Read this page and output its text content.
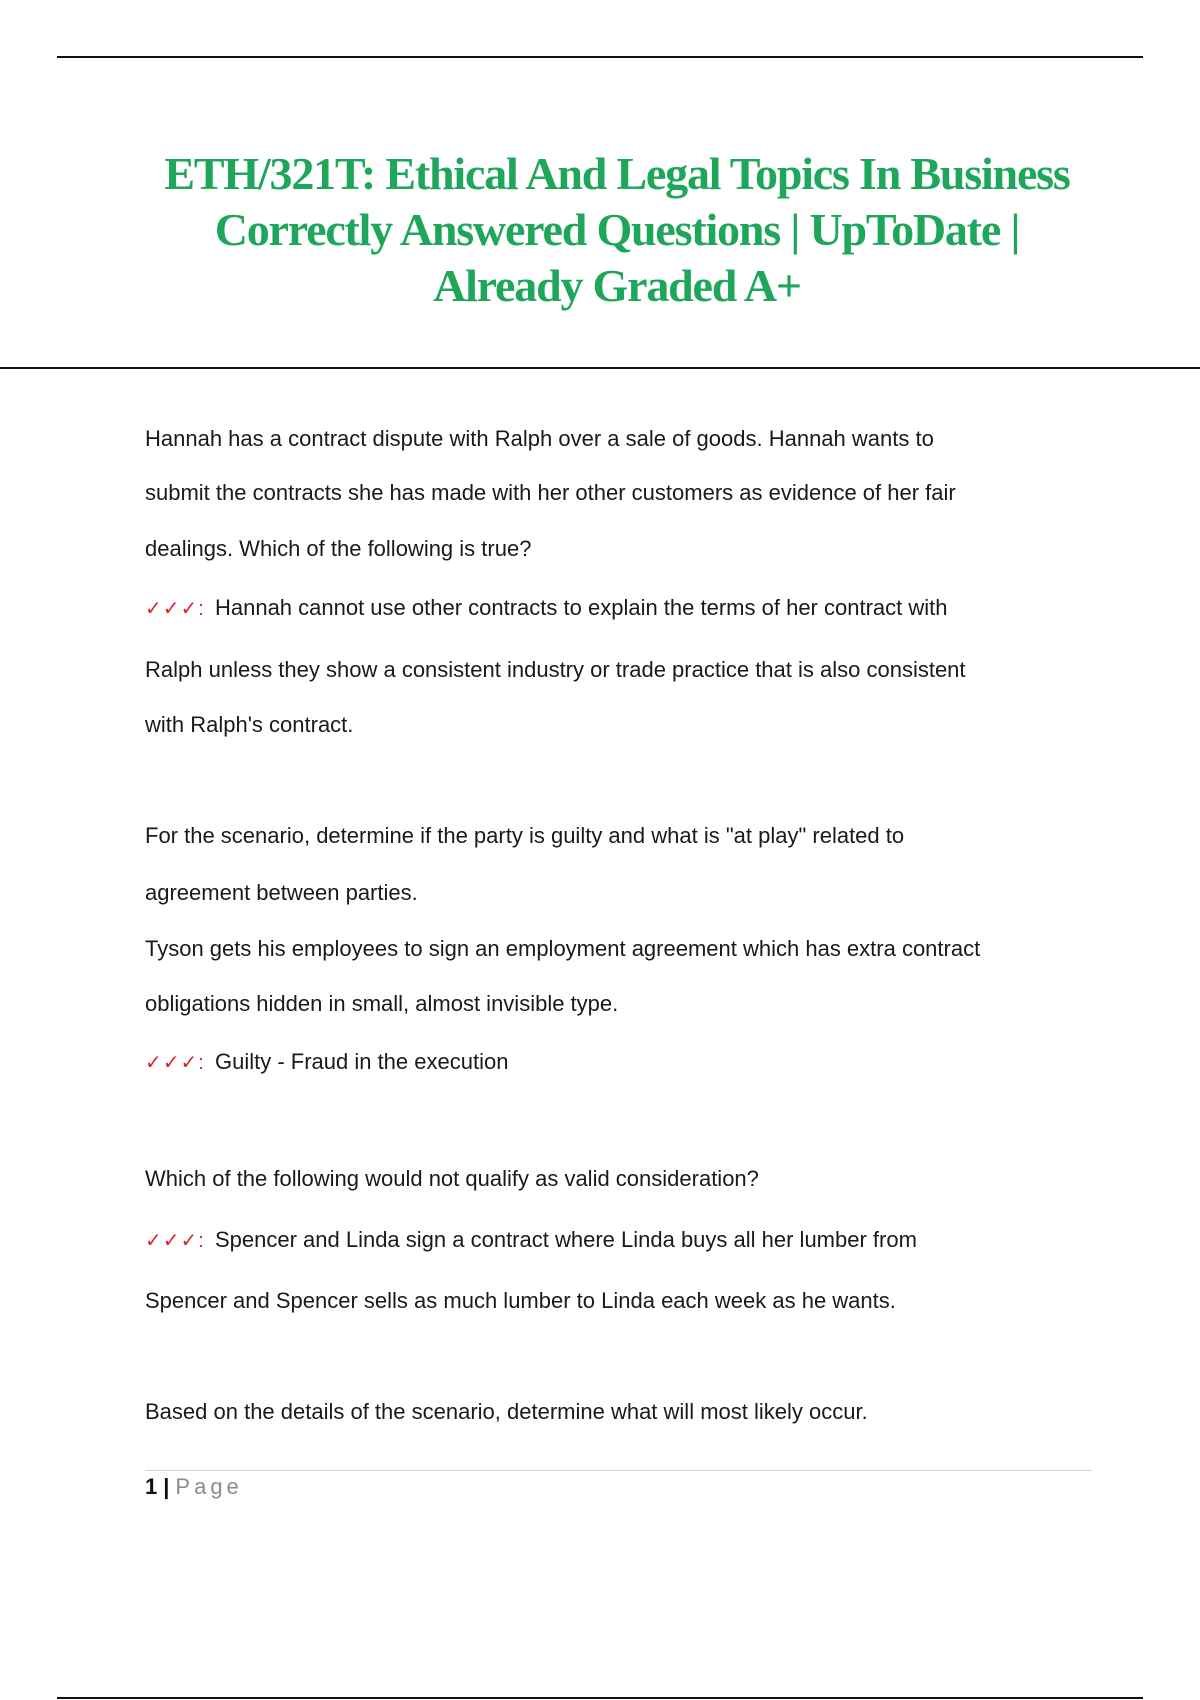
ETH/321T: Ethical And Legal Topics In Business
Correctly Answered Questions | UpToDate |
Already Graded A+
Hannah has a contract dispute with Ralph over a sale of goods. Hannah wants to
submit the contracts she has made with her other customers as evidence of her fair
dealings. Which of the following is true?
✓✓✓: Hannah cannot use other contracts to explain the terms of her contract with
Ralph unless they show a consistent industry or trade practice that is also consistent
with Ralph's contract.
For the scenario, determine if the party is guilty and what is "at play" related to
agreement between parties.
Tyson gets his employees to sign an employment agreement which has extra contract
obligations hidden in small, almost invisible type.
✓✓✓: Guilty - Fraud in the execution
Which of the following would not qualify as valid consideration?
✓✓✓: Spencer and Linda sign a contract where Linda buys all her lumber from
Spencer and Spencer sells as much lumber to Linda each week as he wants.
Based on the details of the scenario, determine what will most likely occur.
1 | Page
